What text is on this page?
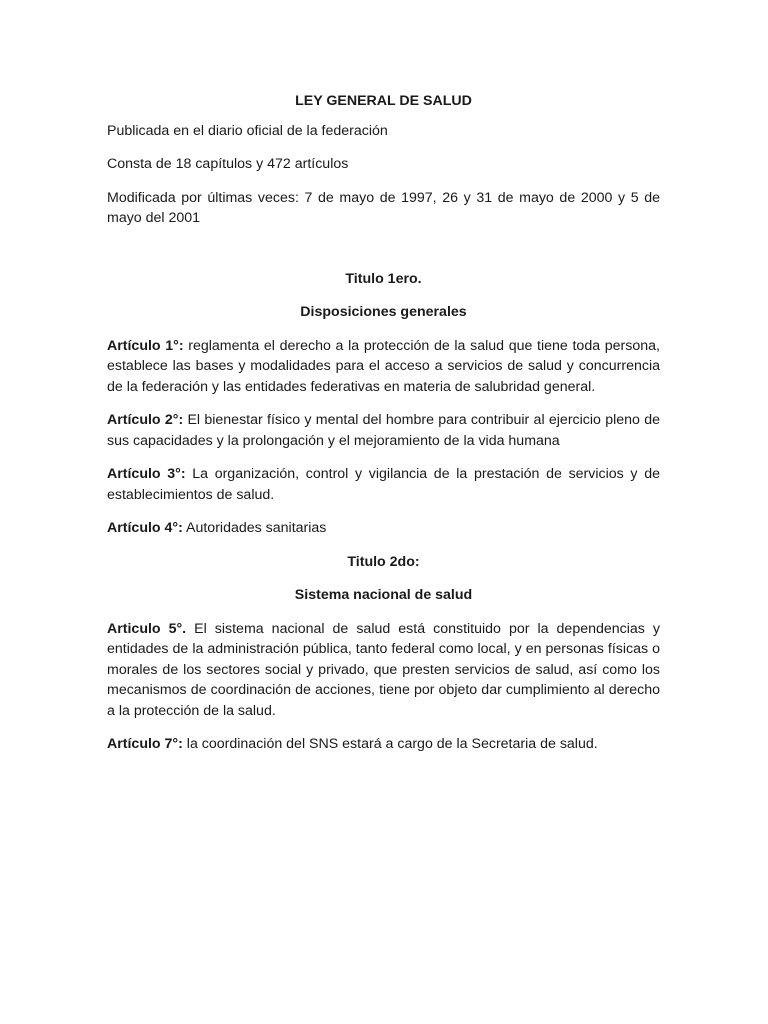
LEY GENERAL DE SALUD

Publicada en el diario oficial de la federación

Consta de 18 capítulos y 472 artículos

Modificada por últimas veces: 7 de mayo de 1997, 26 y 31 de mayo de 2000 y 5 de mayo del 2001

Titulo 1ero.

Disposiciones generales

Artículo 1°: reglamenta el derecho a la protección de la salud que tiene toda persona, establece las bases y modalidades para el acceso a servicios de salud y concurrencia de la federación y las entidades federativas en materia de salubridad general.

Artículo 2°: El bienestar físico y mental del hombre para contribuir al ejercicio pleno de sus capacidades y la prolongación y el mejoramiento de la vida humana

Artículo 3°: La organización, control y vigilancia de la prestación de servicios y de establecimientos de salud.

Artículo 4°: Autoridades sanitarias

Titulo 2do:

Sistema nacional de salud

Articulo 5°. El sistema nacional de salud está constituido por la dependencias y entidades de la administración pública, tanto federal como local, y en personas físicas o morales de los sectores social y privado, que presten servicios de salud, así como los mecanismos de coordinación de acciones, tiene por objeto dar cumplimiento al derecho a la protección de la salud.

Artículo 7°: la coordinación del SNS estará a cargo de la Secretaria de salud.
